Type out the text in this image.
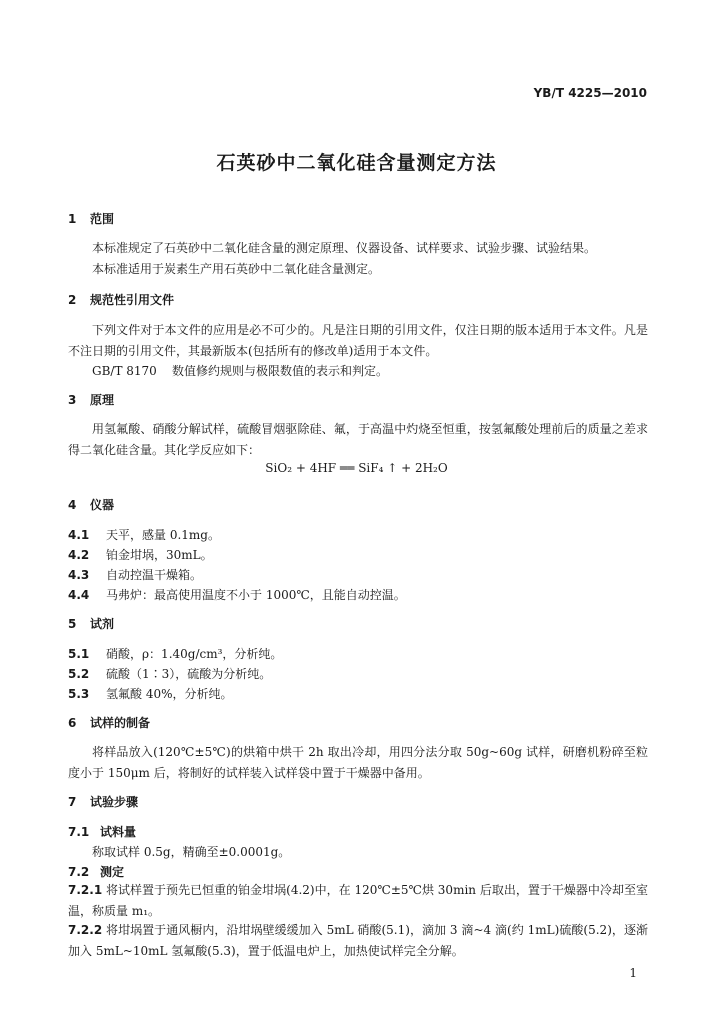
YB/T 4225—2010
石英砂中二氧化硅含量测定方法
1 范围
本标准规定了石英砂中二氧化硅含量的测定原理、仪器设备、试样要求、试验步骤、试验结果。
本标准适用于炭素生产用石英砂中二氧化硅含量测定。
2 规范性引用文件
下列文件对于本文件的应用是必不可少的。凡是注日期的引用文件，仅注日期的版本适用于本文件。凡是不注日期的引用文件，其最新版本(包括所有的修改单)适用于本文件。
GB/T 8170 数值修约规则与极限数值的表示和判定。
3 原理
用氢氟酸、硝酸分解试样，硫酸冒烟驱除硅、氟，于高温中灼烧至恒重，按氢氟酸处理前后的质量之差求得二氧化硅含量。其化学反应如下：
SiO₂ + 4HF ══ SiF₄ ↑ + 2H₂O
4 仪器
4.1 天平，感量 0.1mg。
4.2 铂金坩埚，30mL。
4.3 自动控温干燥箱。
4.4 马弗炉：最高使用温度不小于 1000℃，且能自动控温。
5 试剂
5.1 硝酸，ρ：1.40g/cm³，分析纯。
5.2 硫酸（1∶3），硫酸为分析纯。
5.3 氢氟酸 40%，分析纯。
6 试样的制备
将样品放入(120℃±5℃)的烘箱中烘干 2h 取出冷却，用四分法分取 50g~60g 试样，研磨机粉碎至粒度小于 150μm 后，将制好的试样装入试样袋中置于干燥器中备用。
7 试验步骤
7.1 试料量
称取试样 0.5g，精确至±0.0001g。
7.2 测定
7.2.1 将试样置于预先已恒重的铂金坩埚(4.2)中，在 120℃±5℃烘 30min 后取出，置于干燥器中冷却至室温，称质量 m₁。
7.2.2 将坩埚置于通风橱内，沿坩埚壁缓缓加入 5mL 硝酸(5.1)，滴加 3 滴~4 滴(约 1mL)硫酸(5.2)，逐渐加入 5mL~10mL 氢氟酸(5.3)，置于低温电炉上，加热使试样完全分解。
1
